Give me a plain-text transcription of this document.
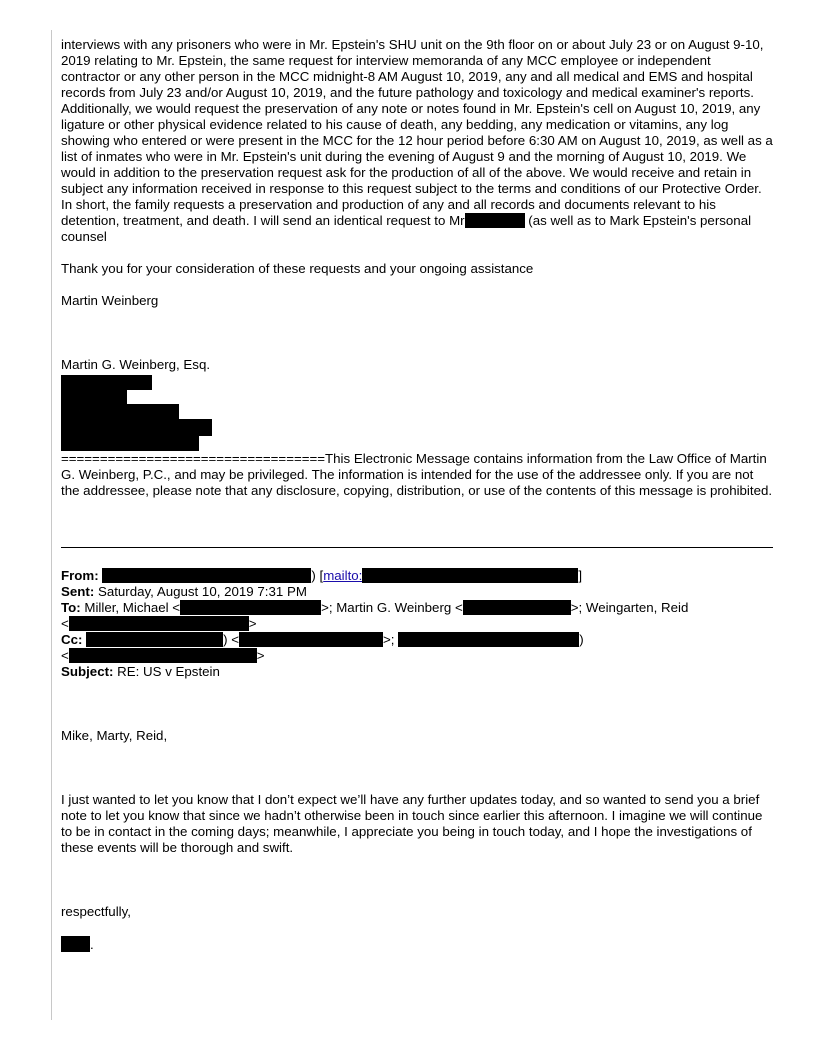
interviews with any prisoners who were in Mr. Epstein's SHU unit on the 9th floor on or about July 23 or on August 9-10, 2019 relating to Mr. Epstein, the same request for interview memoranda of any MCC employee or independent contractor or any other person in the MCC midnight-8 AM August 10, 2019, any and all medical and EMS and hospital records from July 23 and/or August 10, 2019, and the future pathology and toxicology and medical examiner's reports. Additionally, we would request the preservation of any note or notes found in Mr. Epstein's cell on August 10, 2019, any ligature or other physical evidence related to his cause of death, any bedding, any medication or vitamins, any log showing who entered or were present in the MCC for the 12 hour period before 6:30 AM on August 10, 2019, as well as a list of inmates who were in Mr. Epstein's unit during the evening of August 9 and the morning of August 10, 2019. We would in addition to the preservation request ask for the production of all of the above. We would receive and retain in subject any information received in response to this request subject to the terms and conditions of our Protective Order. In short, the family requests a preservation and production of any and all records and documents relevant to his detention, treatment, and death. I will send an identical request to Mr	(as well as to Mark Epstein's personal counsel

Thank you for your consideration of these requests and your ongoing assistance

Martin Weinberg

Martin G. Weinberg, Esq.

==================================This Electronic Message contains information from the Law Office of Martin G. Weinberg, P.C., and may be privileged. The information is intended for the use of the addressee only. If you are not the addressee, please note that any disclosure, copying, distribution, or use of the contents of this message is prohibited.

From:	) [mailto:	]

Sent: Saturday, August 10, 2019 7:31 PM

To: Miller, Michael <	>; Martin G. Weinberg <	>; Weingarten, Reid

<	>

Cc:	) <	>;	)

<	>

Subject: RE: US v Epstein

Mike, Marty, Reid,

I just wanted to let you know that I don’t expect we’ll have any further updates today, and so wanted to send you a brief note to let you know that since we hadn’t otherwise been in touch since earlier this afternoon. I imagine we will continue to be in contact in the coming days; meanwhile, I appreciate you being in touch today, and I hope the investigations of these events will be thorough and swift.

respectfully,

.
